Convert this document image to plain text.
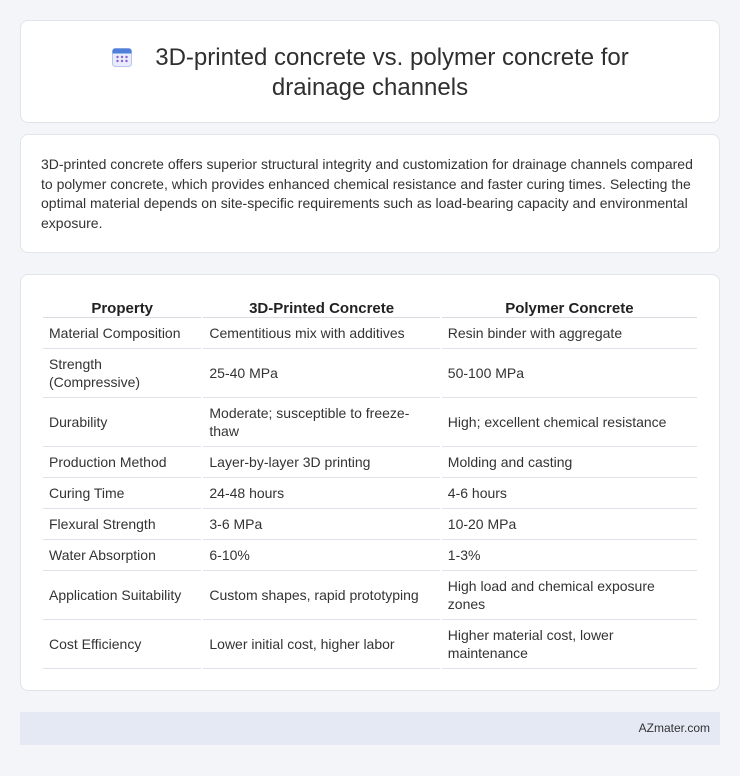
3D-printed concrete vs. polymer concrete for drainage channels

3D-printed concrete offers superior structural integrity and customization for drainage channels compared to polymer concrete, which provides enhanced chemical resistance and faster curing times. Selecting the optimal material depends on site-specific requirements such as load-bearing capacity and environmental exposure.

Property	3D-Printed Concrete	Polymer Concrete
Material Composition	Cementitious mix with additives	Resin binder with aggregate
Strength (Compressive)	25-40 MPa	50-100 MPa
Durability	Moderate; susceptible to freeze-thaw	High; excellent chemical resistance
Production Method	Layer-by-layer 3D printing	Molding and casting
Curing Time	24-48 hours	4-6 hours
Flexural Strength	3-6 MPa	10-20 MPa
Water Absorption	6-10%	1-3%
Application Suitability	Custom shapes, rapid prototyping	High load and chemical exposure zones
Cost Efficiency	Lower initial cost, higher labor	Higher material cost, lower maintenance
AZmater.com
